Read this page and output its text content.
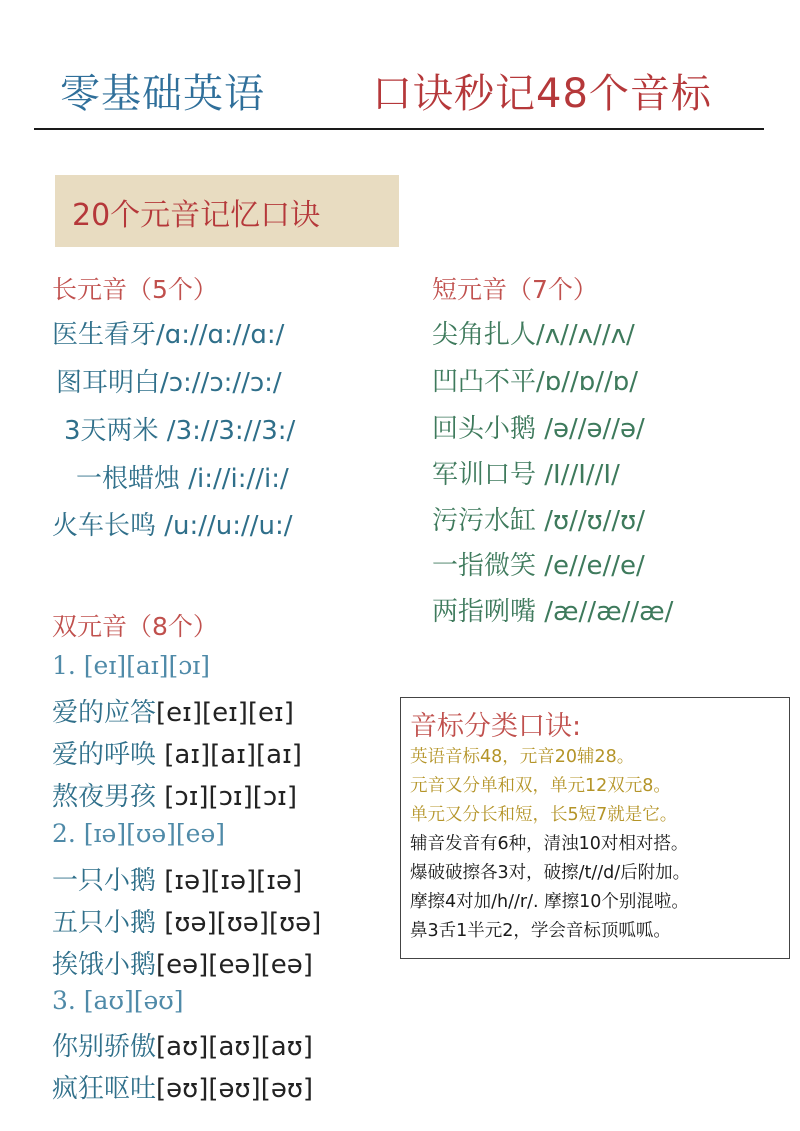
零基础英语	口诀秒记48个音标
20个元音记忆口诀
长元音（5个）
医生看牙/ɑ://ɑ://ɑ:/
图耳明白/ɔ://ɔ://ɔ:/
3天两米 /3://3://3:/
一根蜡烛 /i://i://i:/
火车长鸣 /u://u://u:/
短元音（7个）
尖角扎人/ʌ//ʌ//ʌ/
凹凸不平/ɒ//ɒ//ɒ/
回头小鹅 /ə//ə//ə/
军训口号 /I//I//I/
污污水缸 /ʊ//ʊ//ʊ/
一指微笑 /e//e//e/
两指咧嘴 /æ//æ//æ/
双元音（8个）
1. [eɪ][aɪ][ɔɪ]
爱的应答[eɪ][eɪ][eɪ]
爱的呼唤 [aɪ][aɪ][aɪ]
熬夜男孩 [ɔɪ][ɔɪ][ɔɪ]
2. [ɪə][ʊə][eə]
一只小鹅 [ɪə][ɪə][ɪə]
五只小鹅 [ʊə][ʊə][ʊə]
挨饿小鹅[eə][eə][eə]
3. [aʊ][əʊ]
你别骄傲[aʊ][aʊ][aʊ]
疯狂呕吐[əʊ][əʊ][əʊ]
音标分类口诀:
英语音标48，元音20辅28。
元音又分单和双，单元12双元8。
单元又分长和短，长5短7就是它。
辅音发音有6种，清浊10对相对搭。
爆破破擦各3对，破擦/t//d/后附加。
摩擦4对加/h//r/. 摩擦10个别混啦。
鼻3舌1半元2，学会音标顶呱呱。
